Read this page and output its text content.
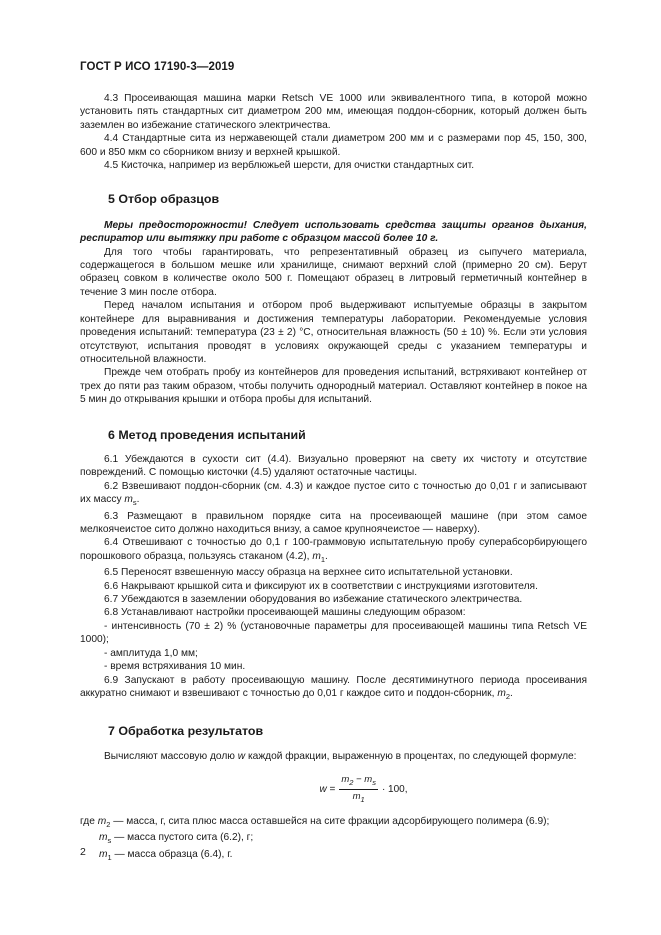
ГОСТ Р ИСО 17190-3—2019

4.3 Просеивающая машина марки Retsch VE 1000 или эквивалентного типа, в которой можно установить пять стандартных сит диаметром 200 мм, имеющая поддон-сборник, который должен быть заземлен во избежание статического электричества.

4.4 Стандартные сита из нержавеющей стали диаметром 200 мм и с размерами пор 45, 150, 300, 600 и 850 мкм со сборником внизу и верхней крышкой.

4.5 Кисточка, например из верблюжьей шерсти, для очистки стандартных сит.

5 Отбор образцов

Меры предосторожности! Следует использовать средства защиты органов дыхания, респиратор или вытяжку при работе с образцом массой более 10 г.

Для того чтобы гарантировать, что репрезентативный образец из сыпучего материала, содержащегося в большом мешке или хранилище, снимают верхний слой (примерно 20 см). Берут образец совком в количестве около 500 г. Помещают образец в литровый герметичный контейнер в течение 3 мин после отбора.

Перед началом испытания и отбором проб выдерживают испытуемые образцы в закрытом контейнере для выравнивания и достижения температуры лаборатории. Рекомендуемые условия проведения испытаний: температура (23 ± 2) °С, относительная влажность (50 ± 10) %. Если эти условия отсутствуют, испытания проводят в условиях окружающей среды с указанием температуры и относительной влажности.

Прежде чем отобрать пробу из контейнеров для проведения испытаний, встряхивают контейнер от трех до пяти раз таким образом, чтобы получить однородный материал. Оставляют контейнер в покое на 5 мин до открывания крышки и отбора пробы для испытаний.

6 Метод проведения испытаний

6.1 Убеждаются в сухости сит (4.4). Визуально проверяют на свету их чистоту и отсутствие повреждений. С помощью кисточки (4.5) удаляют остаточные частицы.

6.2 Взвешивают поддон-сборник (см. 4.3) и каждое пустое сито с точностью до 0,01 г и записывают их массу $m_s$.

6.3 Размещают в правильном порядке сита на просеивающей машине (при этом самое мелкоячеистое сито должно находиться внизу, а самое крупноячеистое — наверху).

6.4 Отвешивают с точностью до 0,1 г 100-граммовую испытательную пробу суперабсорбирующего порошкового образца, пользуясь стаканом (4.2), $m_1$.

6.5 Переносят взвешенную массу образца на верхнее сито испытательной установки.

6.6 Накрывают крышкой сита и фиксируют их в соответствии с инструкциями изготовителя.

6.7 Убеждаются в заземлении оборудования во избежание статического электричества.

6.8 Устанавливают настройки просеивающей машины следующим образом:

- интенсивность (70 ± 2) % (установочные параметры для просеивающей машины типа Retsch VE 1000);

- амплитуда 1,0 мм;

- время встряхивания 10 мин.

6.9 Запускают в работу просеивающую машину. После десятиминутного периода просеивания аккуратно снимают и взвешивают с точностью до 0,01 г каждое сито и поддон-сборник, $m_2$.

7 Обработка результатов

Вычисляют массовую долю w каждой фракции, выраженную в процентах, по следующей формуле:

w
= $\frac{m_2 - m_s}{m_1} \cdot 100$,

где $m_2$ — масса, г, сита плюс масса оставшейся на сите фракции адсорбирующего полимера (6.9);

$m_s$ — масса пустого сита (6.2), г;

$m_1$ — масса образца (6.4), г.

2
